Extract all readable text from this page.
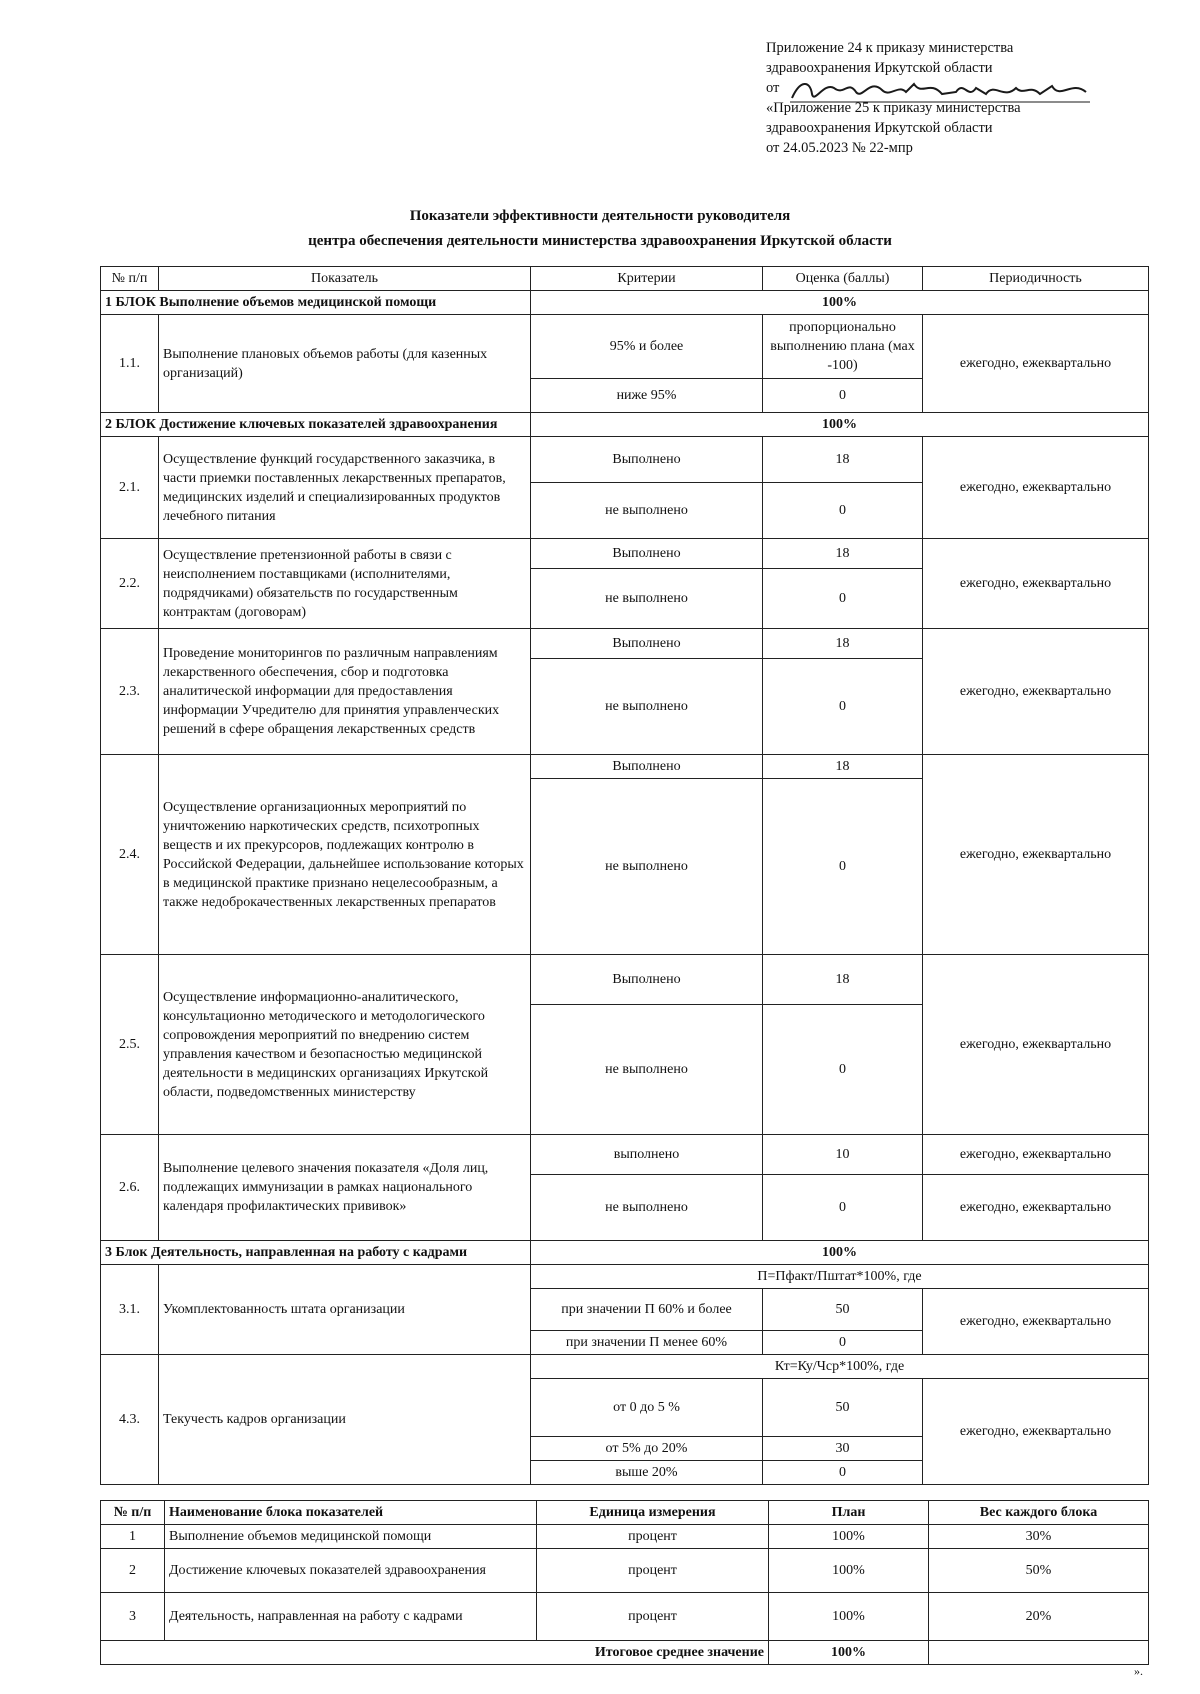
Приложение 24 к приказу министерства
здравоохранения Иркутской области
от
«Приложение 25 к приказу министерства
здравоохранения Иркутской области
от 24.05.2023 № 22-мпр
Показатели эффективности деятельности руководителя
центра обеспечения деятельности министерства здравоохранения Иркутской области
№ п/п	Показатель	Критерии	Оценка (баллы)	Периодичность
1 БЛОК Выполнение объемов медицинской помощи		100%		
1.1.	Выполнение плановых объемов работы (для казенных организаций)	95% и более	пропорционально выполнению плана (мах -100)	ежегодно, ежеквартально
		ниже 95%	0	
2 БЛОК Достижение ключевых показателей здравоохранения		100%		
2.1.	Осуществление функций государственного заказчика, в части приемки поставленных лекарственных препаратов, медицинских изделий и специализированных продуктов лечебного питания	Выполнено	18	ежегодно, ежеквартально
		не выполнено	0	
2.2.	Осуществление претензионной работы в связи с неисполнением поставщиками (исполнителями, подрядчиками) обязательств по государственным контрактам (договорам)	Выполнено	18	ежегодно, ежеквартально
		не выполнено	0	
2.3.	Проведение мониторингов по различным направлениям лекарственного обеспечения, сбор и подготовка аналитической информации для предоставления информации Учредителю для принятия управленческих решений в сфере обращения лекарственных средств	Выполнено	18	ежегодно, ежеквартально
		не выполнено	0	
2.4.	Осуществление организационных мероприятий по уничтожению наркотических средств, психотропных веществ и их прекурсоров, подлежащих контролю в Российской Федерации, дальнейшее использование которых в медицинской практике признано нецелесообразным, а также недоброкачественных лекарственных препаратов	Выполнено	18	ежегодно, ежеквартально
		не выполнено	0	
2.5.	Осуществление информационно-аналитического, консультационно методического и методологического сопровождения мероприятий по внедрению систем управления качеством и безопасностью медицинской деятельности в медицинских организациях Иркутской области, подведомственных министерству	Выполнено	18	ежегодно, ежеквартально
		не выполнено	0	
2.6.	Выполнение целевого значения показателя «Доля лиц, подлежащих иммунизации в рамках национального календаря профилактических прививок»	выполнено	10	ежегодно, ежеквартально
		не выполнено	0	ежегодно, ежеквартально
3 Блок Деятельность, направленная на работу с кадрами		100%		
3.1.	Укомплектованность штата организации	П=Пфакт/Пштат*100%, где		
		при значении П 60% и более	50	ежегодно, ежеквартально
		при значении П менее 60%	0	
4.3.	Текучесть кадров организации	Кт=Ку/Чср*100%, где		
		от 0 до 5 %	50	ежегодно, ежеквартально
		от 5% до 20%	30	
		выше 20%	0	
№ п/п	Наименование блока показателей	Единица измерения	План	Вес каждого блока
1	Выполнение объемов медицинской помощи	процент	100%	30%
2	Достижение ключевых показателей здравоохранения	процент	100%	50%
3	Деятельность, направленная на работу с кадрами	процент	100%	20%
Итоговое среднее значение			100%	
».
